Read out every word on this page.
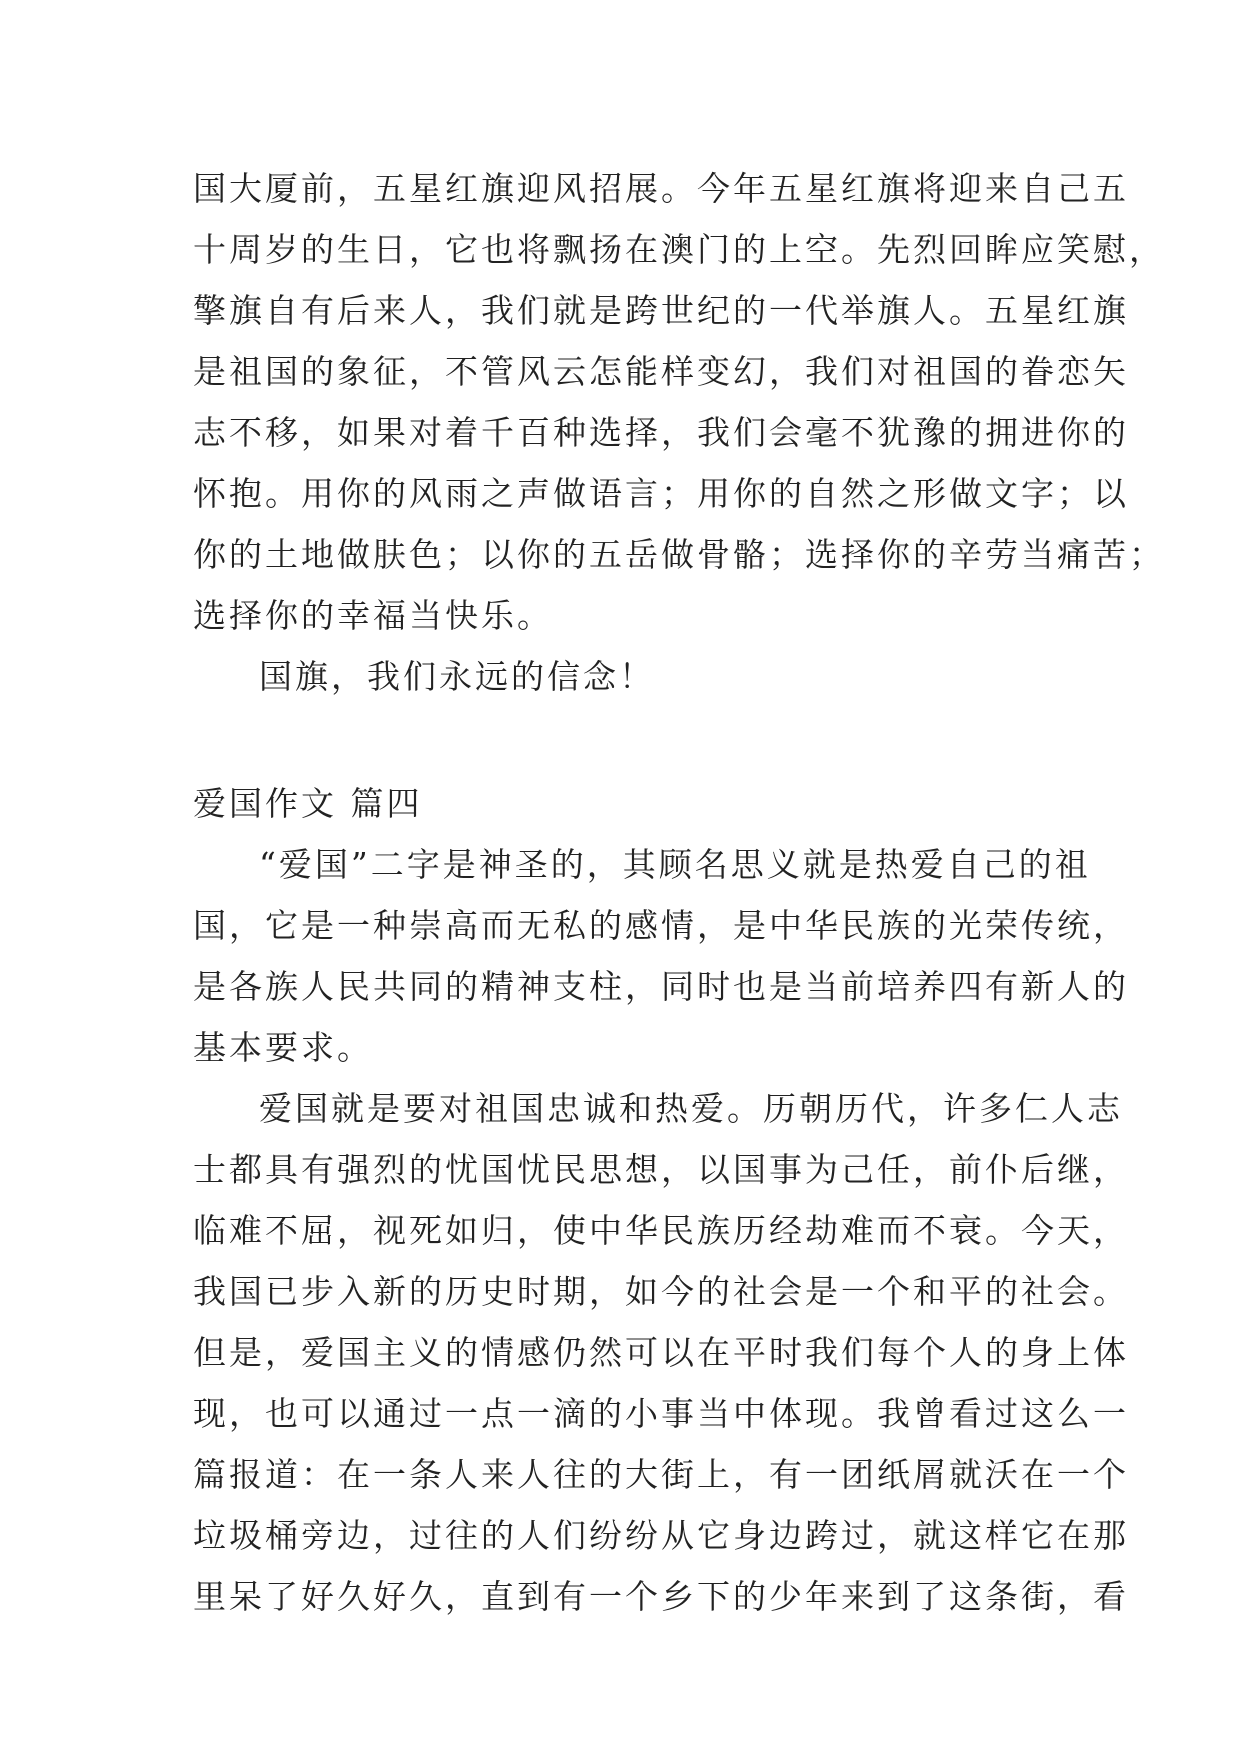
国大厦前，五星红旗迎风招展。今年五星红旗将迎来自己五
十周岁的生日，它也将飘扬在澳门的上空。先烈回眸应笑慰，
擎旗自有后来人，我们就是跨世纪的一代举旗人。五星红旗
是祖国的象征，不管风云怎能样变幻，我们对祖国的眷恋矢
志不移，如果对着千百种选择，我们会毫不犹豫的拥进你的
怀抱。用你的风雨之声做语言；用你的自然之形做文字；以
你的土地做肤色；以你的五岳做骨骼；选择你的辛劳当痛苦；
选择你的幸福当快乐。
国旗，我们永远的信念！
爱国作文 篇四
“爱国”二字是神圣的，其顾名思义就是热爱自己的祖
国，它是一种崇高而无私的感情，是中华民族的光荣传统，
是各族人民共同的精神支柱，同时也是当前培养四有新人的
基本要求。
爱国就是要对祖国忠诚和热爱。历朝历代，许多仁人志
士都具有强烈的忧国忧民思想，以国事为己任，前仆后继，
临难不屈，视死如归，使中华民族历经劫难而不衰。今天，
我国已步入新的历史时期，如今的社会是一个和平的社会。
但是，爱国主义的情感仍然可以在平时我们每个人的身上体
现，也可以通过一点一滴的小事当中体现。我曾看过这么一
篇报道：在一条人来人往的大街上，有一团纸屑就沃在一个
垃圾桶旁边，过往的人们纷纷从它身边跨过，就这样它在那
里呆了好久好久，直到有一个乡下的少年来到了这条街，看
